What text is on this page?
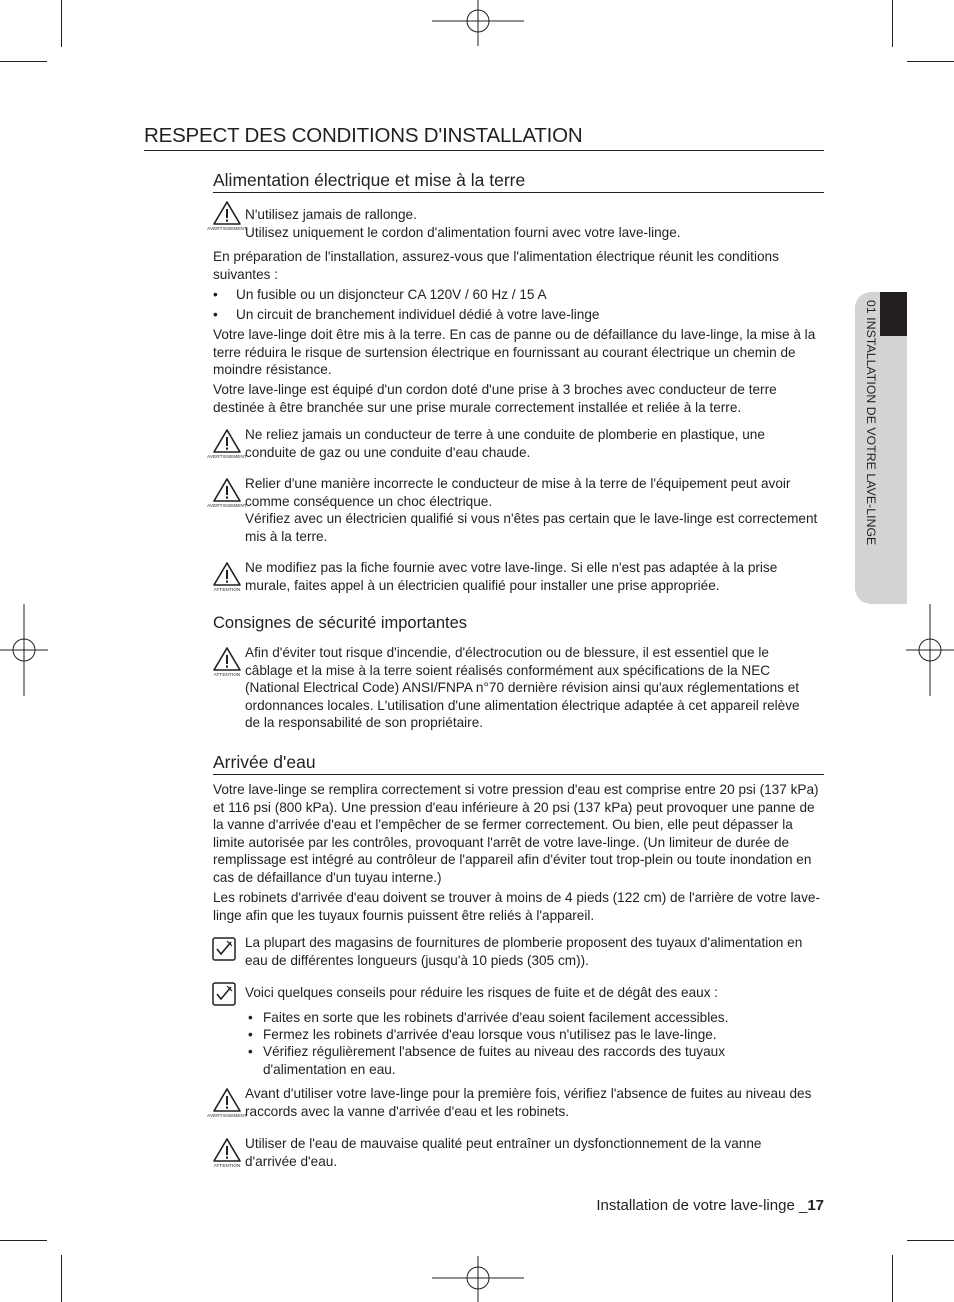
01 INSTALLATION DE VOTRE LAVE-LINGE
RESPECT DES CONDITIONS D'INSTALLATION
Alimentation électrique et mise à la terre
AVERTISSEMENT

N'utilisez jamais de rallonge.

Utilisez uniquement le cordon d'alimentation fourni avec votre lave-linge.

En préparation de l'installation, assurez-vous que l'alimentation électrique réunit les conditions suivantes :
• Un fusible ou un disjoncteur CA 120V / 60 Hz / 15 A
• Un circuit de branchement individuel dédié à votre lave-linge
Votre lave-linge doit être mis à la terre. En cas de panne ou de défaillance du lave-linge, la mise à la terre réduira le risque de surtension électrique en fournissant au courant électrique un chemin de moindre résistance.
Votre lave-linge est équipé d'un cordon doté d'une prise à 3 broches avec conducteur de terre destinée à être branchée sur une prise murale correctement installée et reliée à la terre.
AVERTISSEMENT
Ne reliez jamais un conducteur de terre à une conduite de plomberie en plastique, une conduite de gaz ou une conduite d'eau chaude.
AVERTISSEMENT

Relier d'une manière incorrecte le conducteur de mise à la terre de l'équipement peut avoir comme conséquence un choc électrique.

Vérifiez avec un électricien qualifié si vous n'êtes pas certain que le lave-linge est correctement mis à la terre.

ATTENTION
Ne modifiez pas la fiche fournie avec votre lave-linge. Si elle n'est pas adaptée à la prise murale, faites appel à un électricien qualifié pour installer une prise appropriée.
Consignes de sécurité importantes
ATTENTION
Afin d'éviter tout risque d'incendie, d'électrocution ou de blessure, il est essentiel que le câblage et la mise à la terre soient réalisés conformément aux spécifications de la NEC (National Electrical Code) ANSI/FNPA n°70 dernière révision ainsi qu'aux réglementations et ordonnances locales. L'utilisation d'une alimentation électrique adaptée à cet appareil relève de la responsabilité de son propriétaire.
Arrivée d'eau
Votre lave-linge se remplira correctement si votre pression d'eau est comprise entre 20 psi (137 kPa) et 116 psi (800 kPa). Une pression d'eau inférieure à 20 psi (137 kPa) peut provoquer une panne de la vanne d'arrivée d'eau et l'empêcher de se fermer correctement. Ou bien, elle peut dépasser la limite autorisée par les contrôles, provoquant l'arrêt de votre lave-linge. (Un limiteur de durée de remplissage est intégré au contrôleur de l'appareil afin d'éviter tout trop-plein ou toute inondation en cas de défaillance d'un tuyau interne.)
Les robinets d'arrivée d'eau doivent se trouver à moins de 4 pieds (122 cm) de l'arrière de votre lave-linge afin que les tuyaux fournis puissent être reliés à l'appareil.
La plupart des magasins de fournitures de plomberie proposent des tuyaux d'alimentation en eau de différentes longueurs (jusqu'à 10 pieds (305 cm)).
Voici quelques conseils pour réduire les risques de fuite et de dégât des eaux :
• Faites en sorte que les robinets d'arrivée d'eau soient facilement accessibles.
• Fermez les robinets d'arrivée d'eau lorsque vous n'utilisez pas le lave-linge.
• Vérifiez régulièrement l'absence de fuites au niveau des raccords des tuyaux d'alimentation en eau.
AVERTISSEMENT
Avant d'utiliser votre lave-linge pour la première fois, vérifiez l'absence de fuites au niveau des raccords avec la vanne d'arrivée d'eau et les robinets.
ATTENTION
Utiliser de l'eau de mauvaise qualité peut entraîner un dysfonctionnement de la vanne d'arrivée d'eau.
Installation de votre lave-linge _17
